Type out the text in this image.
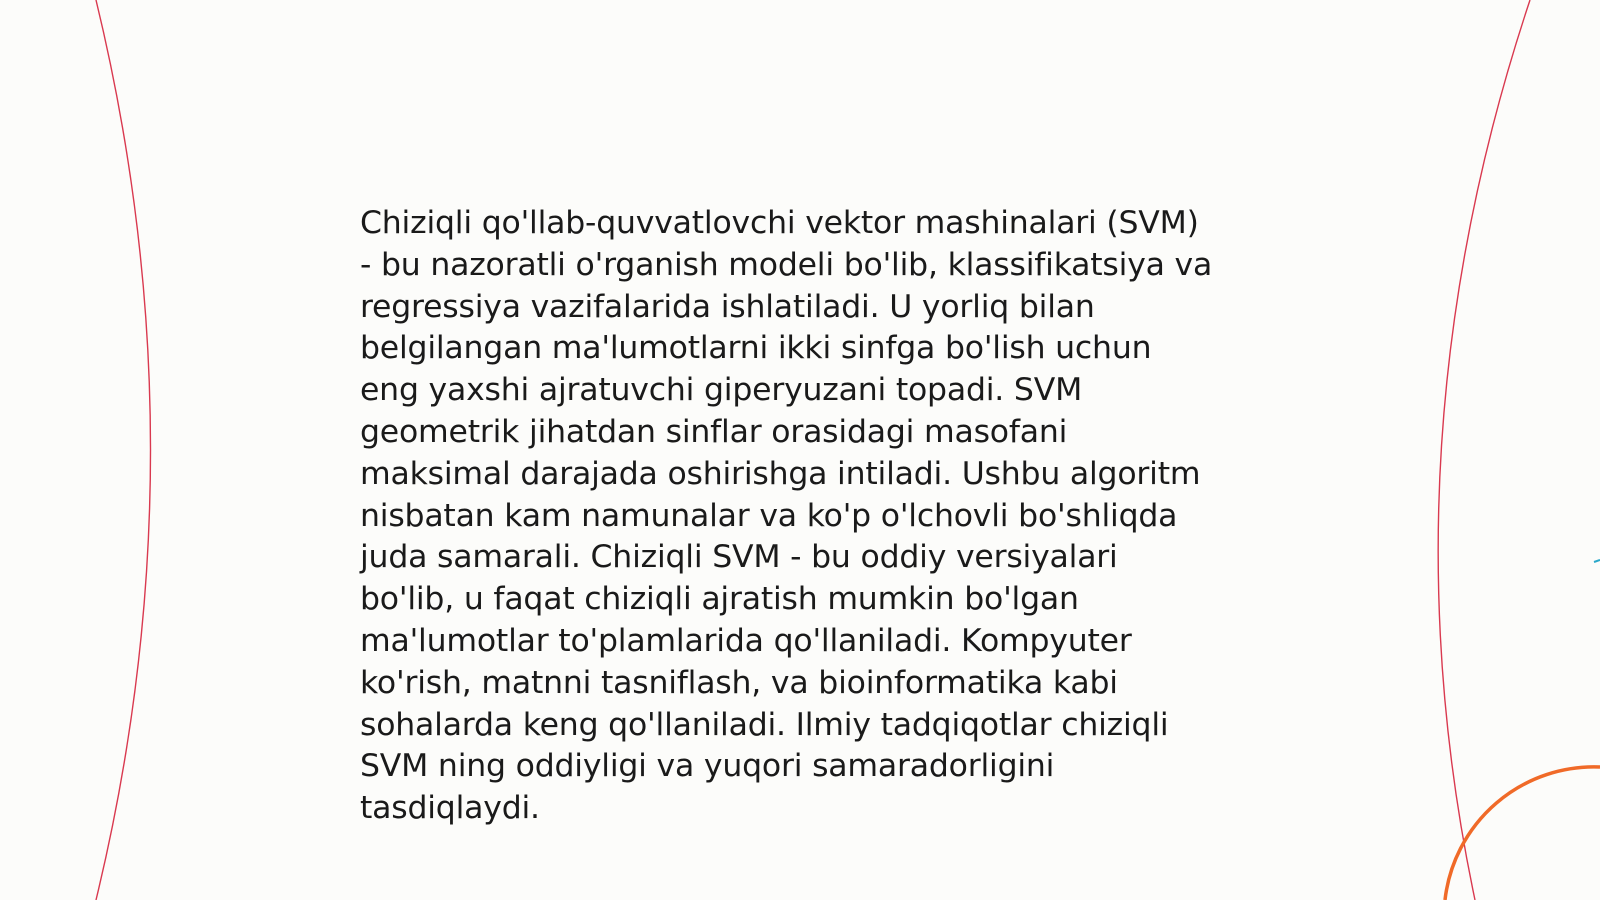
Chiziqli qo'llab-quvvatlovchi vektor mashinalari (SVM)
- bu nazoratli o'rganish modeli bo'lib, klassifikatsiya va
regressiya vazifalarida ishlatiladi. U yorliq bilan
belgilangan ma'lumotlarni ikki sinfga bo'lish uchun
eng yaxshi ajratuvchi giperyuzani topadi. SVM
geometrik jihatdan sinflar orasidagi masofani
maksimal darajada oshirishga intiladi. Ushbu algoritm
nisbatan kam namunalar va ko'p o'lchovli bo'shliqda
juda samarali. Chiziqli SVM - bu oddiy versiyalari
bo'lib, u faqat chiziqli ajratish mumkin bo'lgan
ma'lumotlar to'plamlarida qo'llaniladi. Kompyuter
ko'rish, matnni tasniflash, va bioinformatika kabi
sohalarda keng qo'llaniladi. Ilmiy tadqiqotlar chiziqli
SVM ning oddiyligi va yuqori samaradorligini
tasdiqlaydi.
